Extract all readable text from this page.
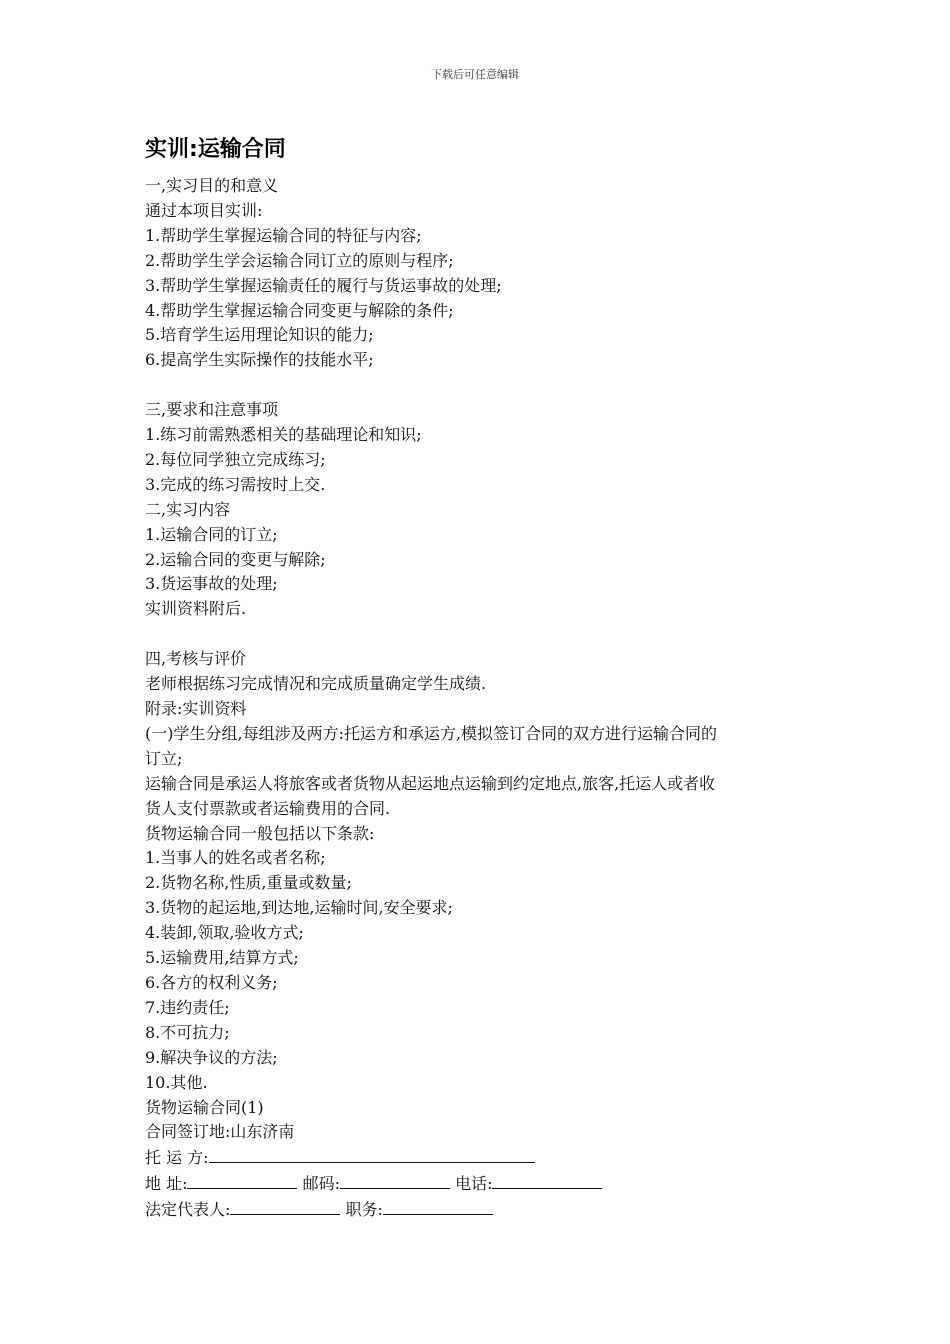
下载后可任意编辑
实训:运输合同
一,实习目的和意义
通过本项目实训:
1.帮助学生掌握运输合同的特征与内容;
2.帮助学生学会运输合同订立的原则与程序;
3.帮助学生掌握运输责任的履行与货运事故的处理;
4.帮助学生掌握运输合同变更与解除的条件;
5.培育学生运用理论知识的能力;
6.提高学生实际操作的技能水平;
三,要求和注意事项
1.练习前需熟悉相关的基础理论和知识;
2.每位同学独立完成练习;
3.完成的练习需按时上交.
二,实习内容
1.运输合同的订立;
2.运输合同的变更与解除;
3.货运事故的处理;
实训资料附后.
四,考核与评价
老师根据练习完成情况和完成质量确定学生成绩.
附录:实训资料
(一)学生分组,每组涉及两方:托运方和承运方,模拟签订合同的双方进行运输合同的
订立;
运输合同是承运人将旅客或者货物从起运地点运输到约定地点,旅客,托运人或者收
货人支付票款或者运输费用的合同.
货物运输合同一般包括以下条款:
1.当事人的姓名或者名称;
2.货物名称,性质,重量或数量;
3.货物的起运地,到达地,运输时间,安全要求;
4.装卸,领取,验收方式;
5.运输费用,结算方式;
6.各方的权利义务;
7.违约责任;
8.不可抗力;
9.解决争议的方法;
10.其他.
货物运输合同(1)
合同签订地:山东济南
托 运 方:
地 址:	邮码:	电话:
法定代表人:	职务:
